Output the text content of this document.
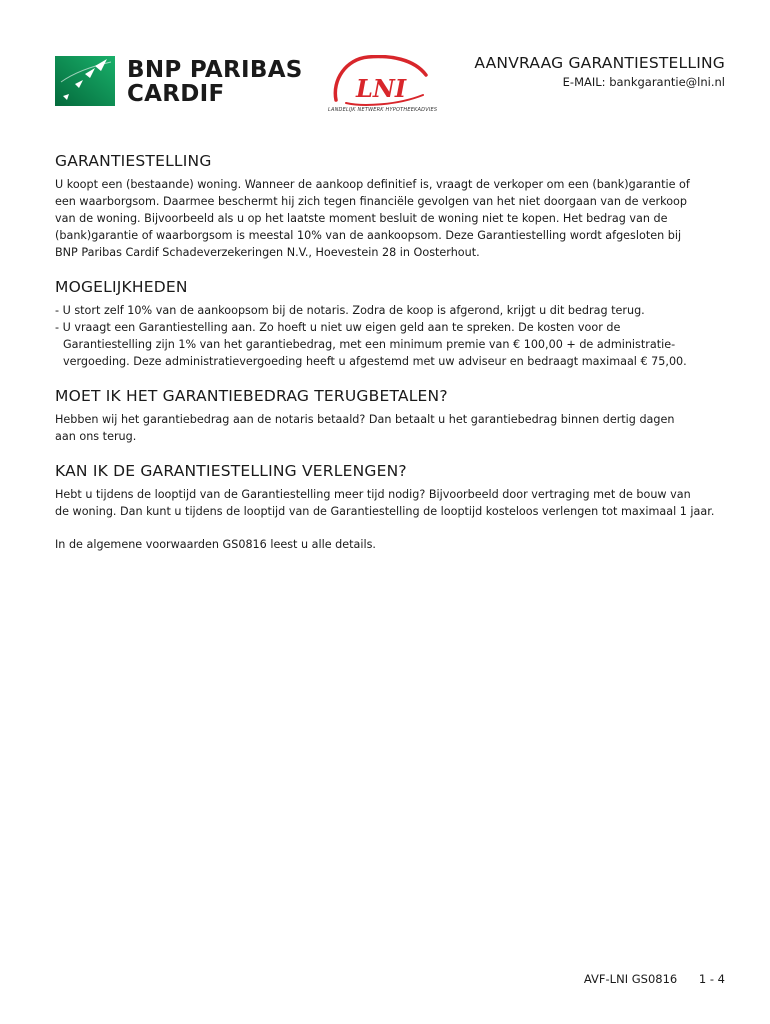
BNP PARIBAS
CARDIF	LNI
LANDELIJK NETWERK HYPOTHEEKADVIES
AANVRAAG GARANTIESTELLING
E-MAIL: bankgarantie@lni.nl
GARANTIESTELLING

U koopt een (bestaande) woning. Wanneer de aankoop definitief is, vraagt de verkoper om een (bank)garantie of
een waarborgsom. Daarmee beschermt hij zich tegen financiële gevolgen van het niet doorgaan van de verkoop
van de woning. Bijvoorbeeld als u op het laatste moment besluit de woning niet te kopen. Het bedrag van de
(bank)garantie of waarborgsom is meestal 10% van de aankoopsom. Deze Garantiestelling wordt afgesloten bij
BNP Paribas Cardif Schadeverzekeringen N.V., Hoevestein 28 in Oosterhout.

MOGELIJKHEDEN
- U stort zelf 10% van de aankoopsom bij de notaris. Zodra de koop is afgerond, krijgt u dit bedrag terug.
- U vraagt een Garantiestelling aan. Zo hoeft u niet uw eigen geld aan te spreken. De kosten voor de
Garantiestelling zijn 1% van het garantiebedrag, met een minimum premie van € 100,00 + de administratie-
vergoeding. Deze administratievergoeding heeft u afgestemd met uw adviseur en bedraagt maximaal € 75,00.
MOET IK HET GARANTIEBEDRAG TERUGBETALEN?

Hebben wij het garantiebedrag aan de notaris betaald? Dan betaalt u het garantiebedrag binnen dertig dagen
aan ons terug.

KAN IK DE GARANTIESTELLING VERLENGEN?

Hebt u tijdens de looptijd van de Garantiestelling meer tijd nodig? Bijvoorbeeld door vertraging met de bouw van
de woning. Dan kunt u tijdens de looptijd van de Garantiestelling de looptijd kosteloos verlengen tot maximaal 1 jaar.

In de algemene voorwaarden GS0816 leest u alle details.

AVF-LNI GS0816 1 - 4
